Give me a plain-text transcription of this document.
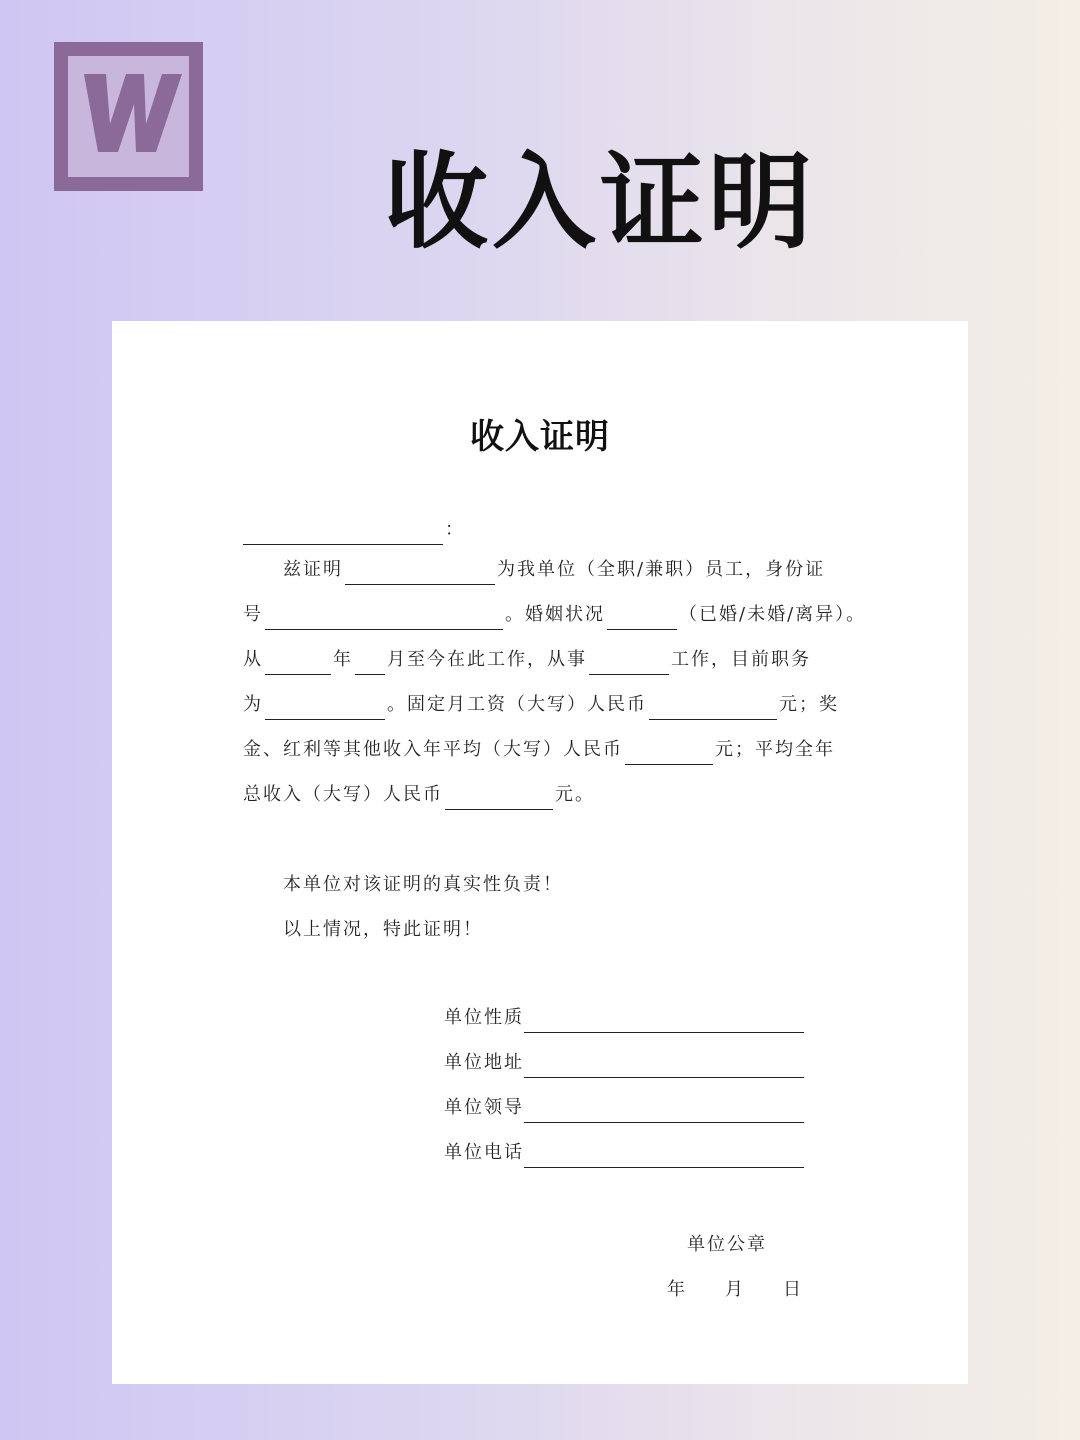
收入证明
收入证明
：
兹证明	为我单位（全职/兼职）员工，身份证
号	。婚姻状况	（已婚/未婚/离异）。
从	年 月至今在此工作，从事	工作，目前职务
为	。固定月工资（大写）人民币	元；奖
金、红利等其他收入年平均（大写）人民币	元；平均全年
总收入（大写）人民币	元。
本单位对该证明的真实性负责！
以上情况，特此证明！
单位性质
单位地址
单位领导
单位电话
单位公章
年 月 日
